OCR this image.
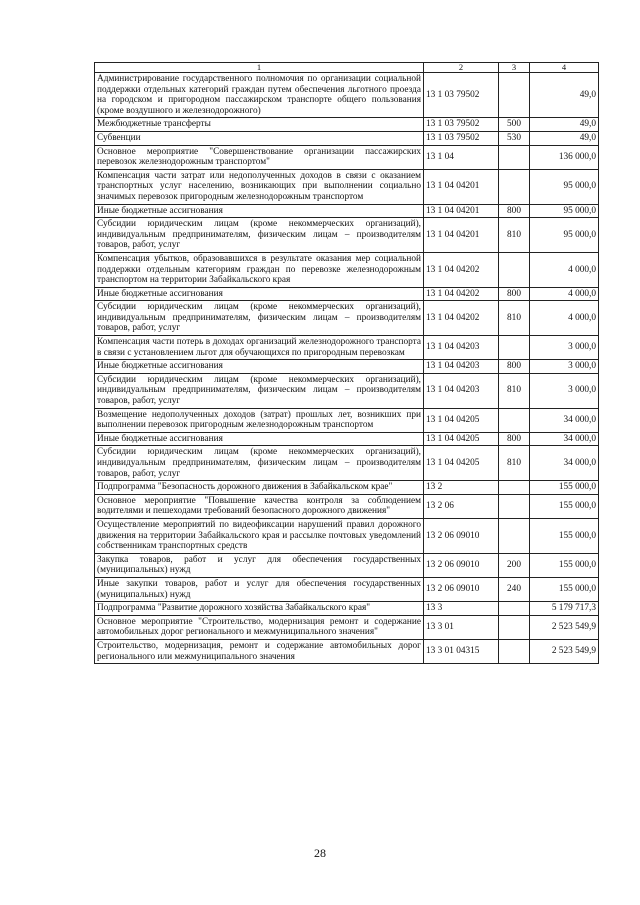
1	2	3	4
Администрирование государственного полномочия по организации социальной поддержки отдельных категорий граждан путем обеспечения льготного проезда на городском и пригородном пассажирском транспорте общего пользования (кроме воздушного и железнодорожного)	13 1 03 79502		49,0
Межбюджетные трансферты	13 1 03 79502	500	49,0
Субвенции	13 1 03 79502	530	49,0
Основное мероприятие "Совершенствование организации пассажирских перевозок железнодорожным транспортом"	13 1 04		136 000,0
Компенсация части затрат или недополученных доходов в связи с оказанием транспортных услуг населению, возникающих при выполнении социально значимых перевозок пригородным железнодорожным транспортом	13 1 04 04201		95 000,0
Иные бюджетные ассигнования	13 1 04 04201	800	95 000,0
Субсидии юридическим лицам (кроме некоммерческих организаций), индивидуальным предпринимателям, физическим лицам – производителям товаров, работ, услуг	13 1 04 04201	810	95 000,0
Компенсация убытков, образовавшихся в результате оказания мер социальной поддержки отдельным категориям граждан по перевозке железнодорожным транспортом на территории Забайкальского края	13 1 04 04202		4 000,0
Иные бюджетные ассигнования	13 1 04 04202	800	4 000,0
Субсидии юридическим лицам (кроме некоммерческих организаций), индивидуальным предпринимателям, физическим лицам – производителям товаров, работ, услуг	13 1 04 04202	810	4 000,0
Компенсация части потерь в доходах организаций железнодорожного транспорта в связи с установлением льгот для обучающихся по пригородным перевозкам	13 1 04 04203		3 000,0
Иные бюджетные ассигнования	13 1 04 04203	800	3 000,0
Субсидии юридическим лицам (кроме некоммерческих организаций), индивидуальным предпринимателям, физическим лицам – производителям товаров, работ, услуг	13 1 04 04203	810	3 000,0
Возмещение недополученных доходов (затрат) прошлых лет, возникших при выполнении перевозок пригородным железнодорожным транспортом	13 1 04 04205		34 000,0
Иные бюджетные ассигнования	13 1 04 04205	800	34 000,0
Субсидии юридическим лицам (кроме некоммерческих организаций), индивидуальным предпринимателям, физическим лицам – производителям товаров, работ, услуг	13 1 04 04205	810	34 000,0
Подпрограмма "Безопасность дорожного движения в Забайкальском крае"	13 2		155 000,0
Основное мероприятие "Повышение качества контроля за соблюдением водителями и пешеходами требований безопасного дорожного движения"	13 2 06		155 000,0
Осуществление мероприятий по видеофиксации нарушений правил дорожного движения на территории Забайкальского края и рассылке почтовых уведомлений собственникам транспортных средств	13 2 06 09010		155 000,0
Закупка товаров, работ и услуг для обеспечения государственных (муниципальных) нужд	13 2 06 09010	200	155 000,0
Иные закупки товаров, работ и услуг для обеспечения государственных (муниципальных) нужд	13 2 06 09010	240	155 000,0
Подпрограмма "Развитие дорожного хозяйства Забайкальского края"	13 3		5 179 717,3
Основное мероприятие "Строительство, модернизация ремонт и содержание автомобильных дорог регионального и межмуниципального значения"	13 3 01		2 523 549,9
Строительство, модернизация, ремонт и содержание автомобильных дорог регионального или межмуниципального значения	13 3 01 04315		2 523 549,9
28
